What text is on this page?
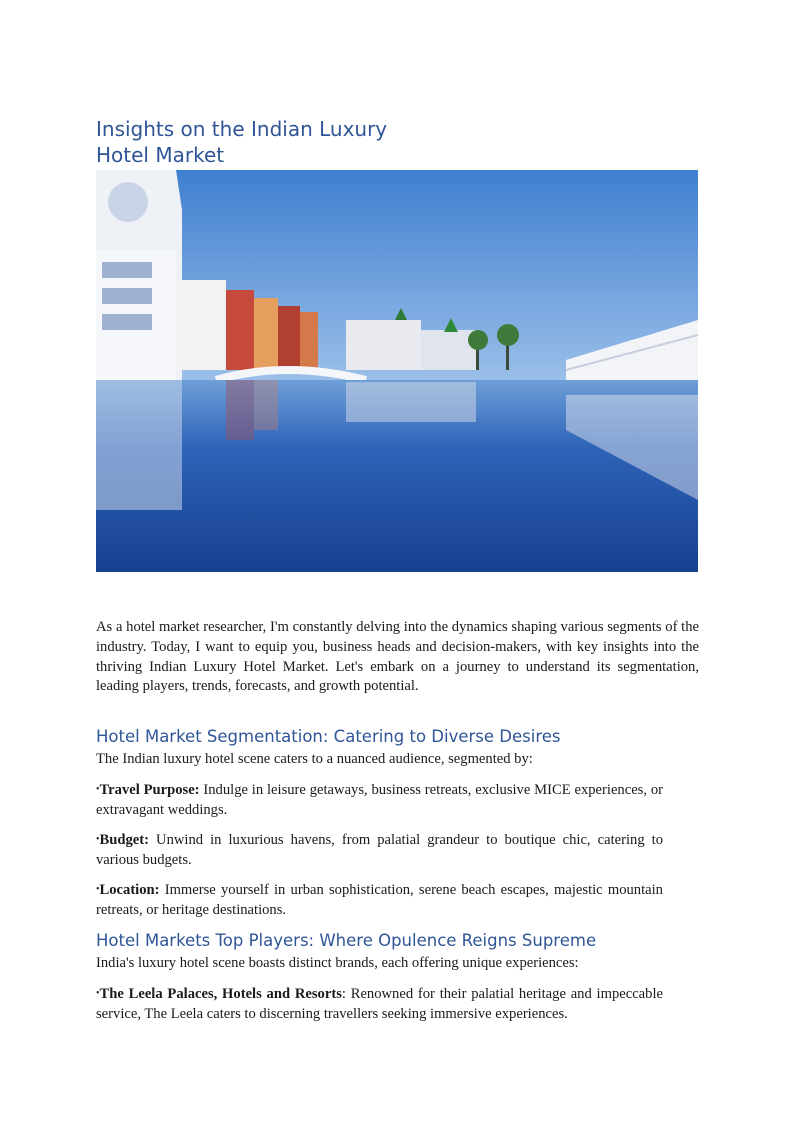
Insights on the Indian Luxury
Hotel Market

As a hotel market researcher, I'm constantly delving into the dynamics shaping various segments of the industry. Today, I want to equip you, business heads and decision-makers, with key insights into the thriving Indian Luxury Hotel Market. Let's embark on a journey to understand its segmentation, leading players, trends, forecasts, and growth potential.

Hotel Market Segmentation: Catering to Diverse Desires

The Indian luxury hotel scene caters to a nuanced audience, segmented by:

•Travel Purpose: Indulge in leisure getaways, business retreats, exclusive MICE experiences, or extravagant weddings.

•Budget: Unwind in luxurious havens, from palatial grandeur to boutique chic, catering to various budgets.

•Location: Immerse yourself in urban sophistication, serene beach escapes, majestic mountain retreats, or heritage destinations.

Hotel Markets Top Players: Where Opulence Reigns Supreme

India's luxury hotel scene boasts distinct brands, each offering unique experiences:

•The Leela Palaces, Hotels and Resorts: Renowned for their palatial heritage and impeccable service, The Leela caters to discerning travellers seeking immersive experiences.
